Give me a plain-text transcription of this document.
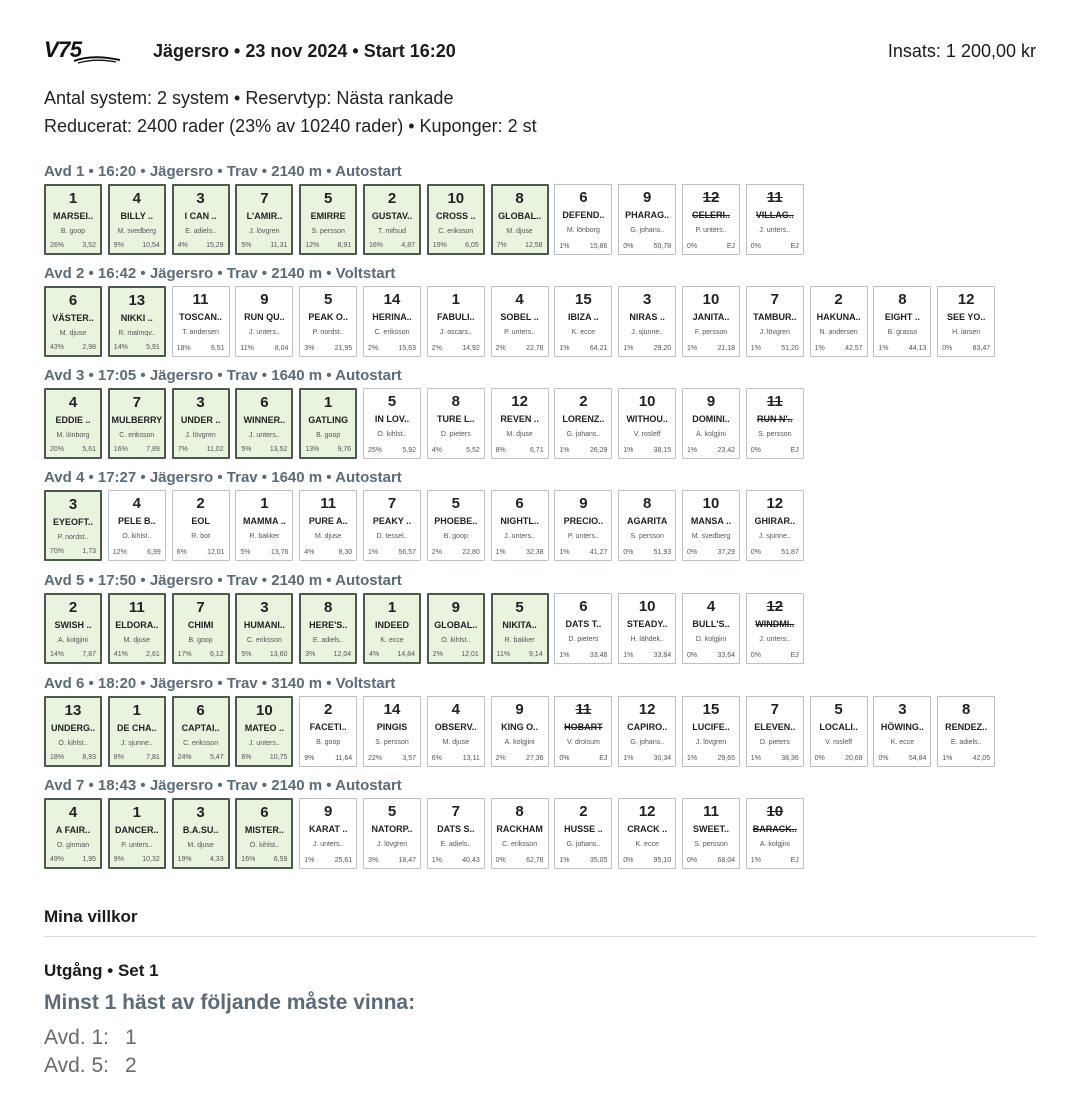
V75	Jägersro • 23 nov 2024 • Start 16:20	Insats: 1 200,00 kr
Antal system: 2 system • Reservtyp: Nästa rankade
Reducerat: 2400 rader (23% av 10240 rader) • Kuponger: 2 st
Avd 1 • 16:20 • Jägersro • Trav • 2140 m • Autostart
1
MARSEI..
B. goop
26%	3,52
4
BILLY ..
M. svedberg
9%	10,54
3
I CAN ..
E. adiels..
4%	15,29
7
L'AMIR..
J. lövgren
5%	11,31
5
EMIRRE
S. persson
12%	8,91
2
GUSTAV..
T. mifsud
16%	4,87
10
CROSS ..
C. eriksson
19%	6,05
8
GLOBAL..
M. djuse
7%	12,58
6
DEFEND..
M. lönborg
1%	15,86
9
PHARAG..
G. johans..
0%	50,78
12
CELERI..
P. unters..
0%	EJ
11
VILLAG..
J. unters..
0%	EJ
Avd 2 • 16:42 • Jägersro • Trav • 2140 m • Voltstart
6
VÄSTER..
M. djuse
43%	2,98
13
NIKKI ..
R. malmqv..
14%	5,91
11
TOSCAN..
T. andersen
18%	6,51
9
RUN QU..
J. unters..
11%	8,04
5
PEAK O..
P. nordst..
3%	21,95
14
HERINA..
C. eriksson
2%	15,63
1
FABULI..
J. oscars..
2%	14,92
4
SOBEL ..
P. unters..
2%	22,78
15
IBIZA ..
K. ecce
1%	64,21
3
NIRAS ..
J. sjunne..
1%	29,20
10
JANITA..
F. persson
1%	21,18
7
TAMBUR..
J. lövgren
1%	51,20
2
HAKUNA..
N. andersen
1%	42,57
8
EIGHT ..
B. grasso
1%	44,13
12
SEE YO..
H. larsen
0%	83,47
Avd 3 • 17:05 • Jägersro • Trav • 1640 m • Autostart
4
EDDIE ..
M. lönborg
20%	5,61
7
MULBERRY
C. eriksson
16%	7,89
3
UNDER ..
J. lövgren
7%	11,02
6
WINNER..
J. unters..
5%	13,52
1
GATLING
B. goop
13%	9,76
5
IN LOV..
Ö. kihlst..
25%	5,92
8
TURE L..
D. pieters
4%	5,52
12
REVEN ..
M. djuse
8%	6,71
2
LORENZ..
G. johans..
1%	26,29
10
WITHOU..
V. rosleff
1%	38,15
9
DOMINI..
A. kolgjini
1%	23,42
11
RUN N'..
S. persson
0%	EJ
Avd 4 • 17:27 • Jägersro • Trav • 1640 m • Autostart
3
EYEOFT..
P. nordst..
70%	1,73
4
PELE B..
Ö. kihlst..
12%	6,99
2
EOL
R. bot
6%	12,01
1
MAMMA ..
R. bakker
5%	13,76
11
PURE A..
M. djuse
4%	8,30
7
PEAKY ..
D. tessel..
1%	56,57
5
PHOEBE..
B. goop
2%	22,80
6
NIGHTL..
J. unters..
1%	32,38
9
PRECIO..
P. unters..
1%	41,27
8
AGARITA
S. persson
0%	51,93
10
MANSA ..
M. svedberg
0%	37,29
12
GHIRAR..
J. sjunne..
0%	51,87
Avd 5 • 17:50 • Jägersro • Trav • 2140 m • Autostart
2
SWISH ..
A. kolgjini
14%	7,87
11
ELDORA..
M. djuse
41%	2,61
7
CHIMI
B. goop
17%	6,12
3
HUMANI..
C. eriksson
5%	13,60
8
HERE'S..
E. adiels..
3%	12,04
1
INDEED
K. ecce
4%	14,84
9
GLOBAL..
Ö. kihlst..
2%	12,01
5
NIKITA..
R. bakker
11%	9,14
6
DATS T..
D. pieters
1%	33,48
10
STEADY..
H. lähdek..
1%	33,84
4
BULL'S..
D. kolgjini
0%	33,64
12
WINDMI..
J. unters..
0%	EJ
Avd 6 • 18:20 • Jägersro • Trav • 3140 m • Voltstart
13
UNDERG..
Ö. kihlst..
18%	8,93
1
DE CHA..
J. sjunne..
8%	7,81
6
CAPTAI..
C. eriksson
24%	5,47
10
MATEO ..
J. unters..
6%	10,75
2
FACETI..
B. goop
9%	11,64
14
PINGIS
S. persson
22%	3,57
4
OBSERV..
M. djuse
6%	13,11
9
KING O..
A. kolgjini
2%	27,36
11
HOBART
V. drolsum
0%	EJ
12
CAPIRO..
G. johans..
1%	30,34
15
LUCIFE..
J. lövgren
1%	29,65
7
ELEVEN..
D. pieters
1%	38,36
5
LOCALI..
V. rosleff
0%	20,68
3
HÖWING..
K. ecce
0%	54,84
8
RENDEZ..
E. adiels..
1%	42,05
Avd 7 • 18:43 • Jägersro • Trav • 2140 m • Autostart
4
A FAIR..
O. ginman
49%	1,95
1
DANCER..
P. unters..
9%	10,32
3
B.A.SU..
M. djuse
19%	4,33
6
MISTER..
Ö. kihlst..
16%	6,59
9
KARAT ..
J. unters..
1%	25,61
5
NATORP..
J. lövgren
3%	18,47
7
DATS S..
E. adiels..
1%	40,43
8
RACKHAM
C. eriksson
0%	62,78
2
HUSSE ..
G. johans..
1%	35,05
12
CRACK ..
K. ecce
0%	95,10
11
SWEET..
S. persson
0%	68,04
10
BARACK..
A. kolgjini
1%	EJ
Mina villkor
Utgång • Set 1
Minst 1 häst av följande måste vinna:
Avd. 1: 1
Avd. 5: 2
